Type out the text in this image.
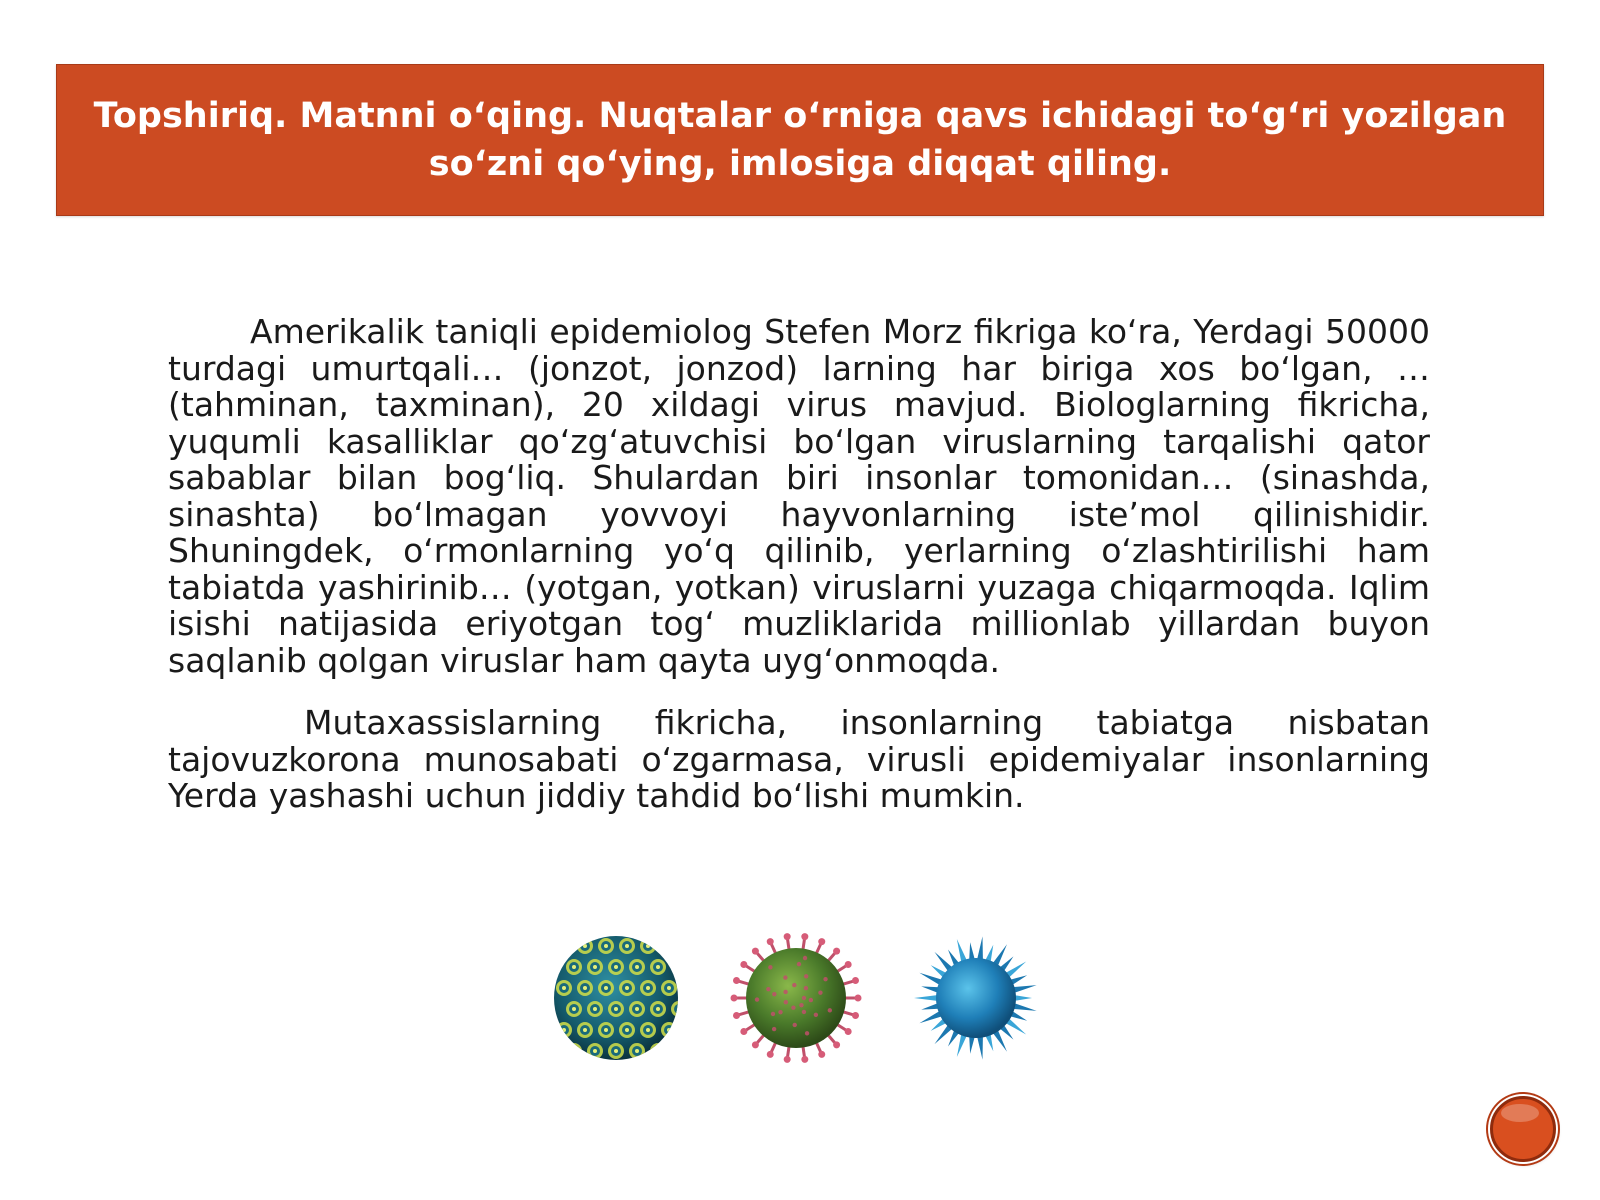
Topshiriq. Matnni o‘qing. Nuqtalar o‘rniga qavs ichidagi to‘g‘ri yozilgan
so‘zni qo‘ying, imlosiga diqqat qiling.

Amerikalik taniqli epidemiolog Stefen Morz fikriga ko‘ra, Yerdagi 50000 turdagi umurtqali… (jonzot, jonzod) larning har biriga xos bo‘lgan, … (tahminan, taxminan), 20 xildagi virus mavjud. Biologlarning fikricha, yuqumli kasalliklar qo‘zg‘atuvchisi bo‘lgan viruslarning tarqalishi qator sabablar bilan bog‘liq. Shulardan biri insonlar tomonidan… (sinashda, sinashta) bo‘lmagan yovvoyi hayvonlarning iste’mol qilinishidir. Shuningdek, o‘rmonlarning yo‘q qilinib, yerlarning o‘zlashtirilishi ham tabiatda yashirinib… (yotgan, yotkan) viruslarni yuzaga chiqarmoqda. Iqlim isishi natijasida eriyotgan tog‘ muzliklarida millionlab yillardan buyon saqlanib qolgan viruslar ham qayta uyg‘onmoqda.

Mutaxassislarning fikricha, insonlarning tabiatga nisbatan tajovuzkorona munosabati o‘zgarmasa, virusli epidemiyalar insonlarning Yerda yashashi uchun jiddiy tahdid bo‘lishi mumkin.
